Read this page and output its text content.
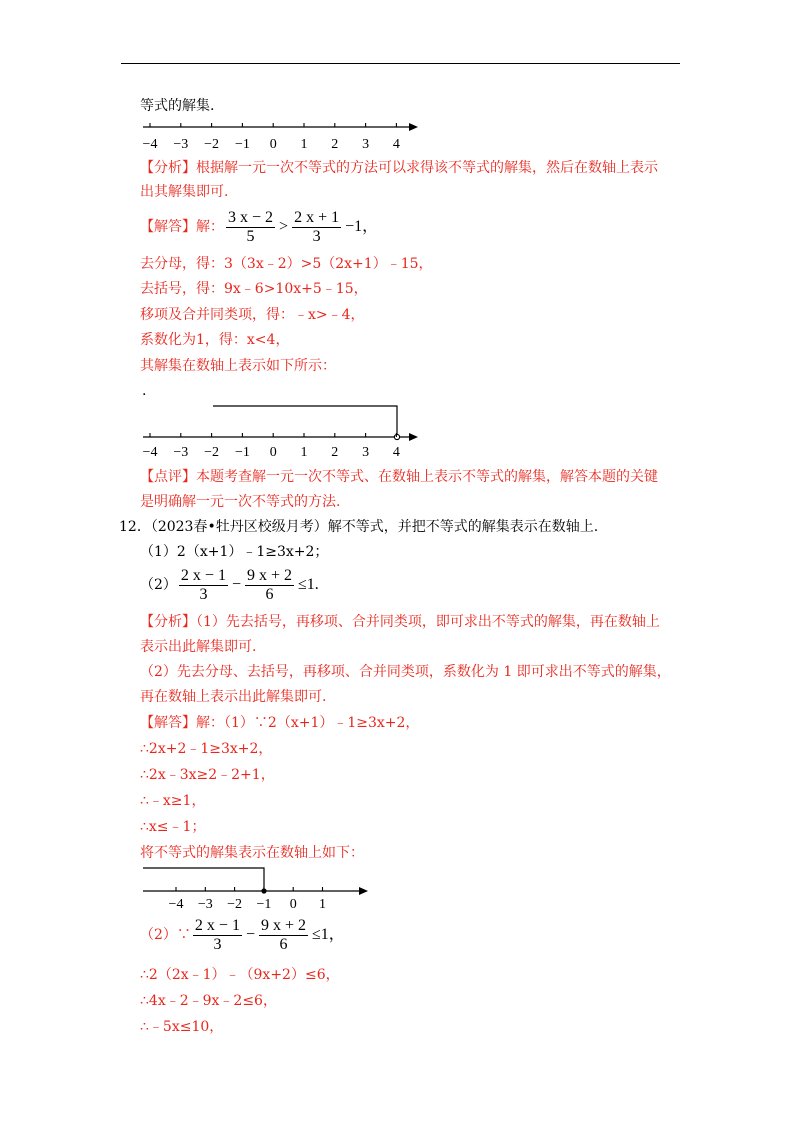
等式的解集.
−4 −3 −2 −1 0 1 2 3 4
【分析】根据解一元一次不等式的方法可以求得该不等式的解集，然后在数轴上表示
出其解集即可.
【解答】解： $\frac{3 x - 2}{5} > \frac{2 x + 1}{3} -1$，
去分母，得：3（3x﹣2）>5（2x+1）﹣15，
去括号，得：9x﹣6>10x+5﹣15，
移项及合并同类项，得：﹣x>﹣4，
系数化为1，得：x<4，
其解集在数轴上表示如下所示：
.
−4 −3 −2 −1 0 1 2 3 4
【点评】本题考查解一元一次不等式、在数轴上表示不等式的解集，解答本题的关键
是明确解一元一次不等式的方法.
12．（2023春•牡丹区校级月考）解不等式，并把不等式的解集表示在数轴上.
（1）2（x+1）﹣1≥3x+2；
$(2) \frac{2 x - 1}{3} - \frac{9 x + 2}{6} \le 1$.
【分析】（1）先去括号，再移项、合并同类项，即可求出不等式的解集，再在数轴上
表示出此解集即可.
（2）先去分母、去括号，再移项、合并同类项，系数化为 1 即可求出不等式的解集，
再在数轴上表示出此解集即可.
【解答】解：（1）∵2（x+1）﹣1≥3x+2，
∴2x+2﹣1≥3x+2，
∴2x﹣3x≥2﹣2+1，
∴﹣x≥1，
∴x≤﹣1；
将不等式的解集表示在数轴上如下：
−4 −3 −2 −1 0 1
（2）∵ $\frac{2 x - 1}{3} - \frac{9 x + 2}{6} \le 1$，
∴2（2x﹣1）﹣（9x+2）≤6，
∴4x﹣2﹣9x﹣2≤6，
∴﹣5x≤10，
